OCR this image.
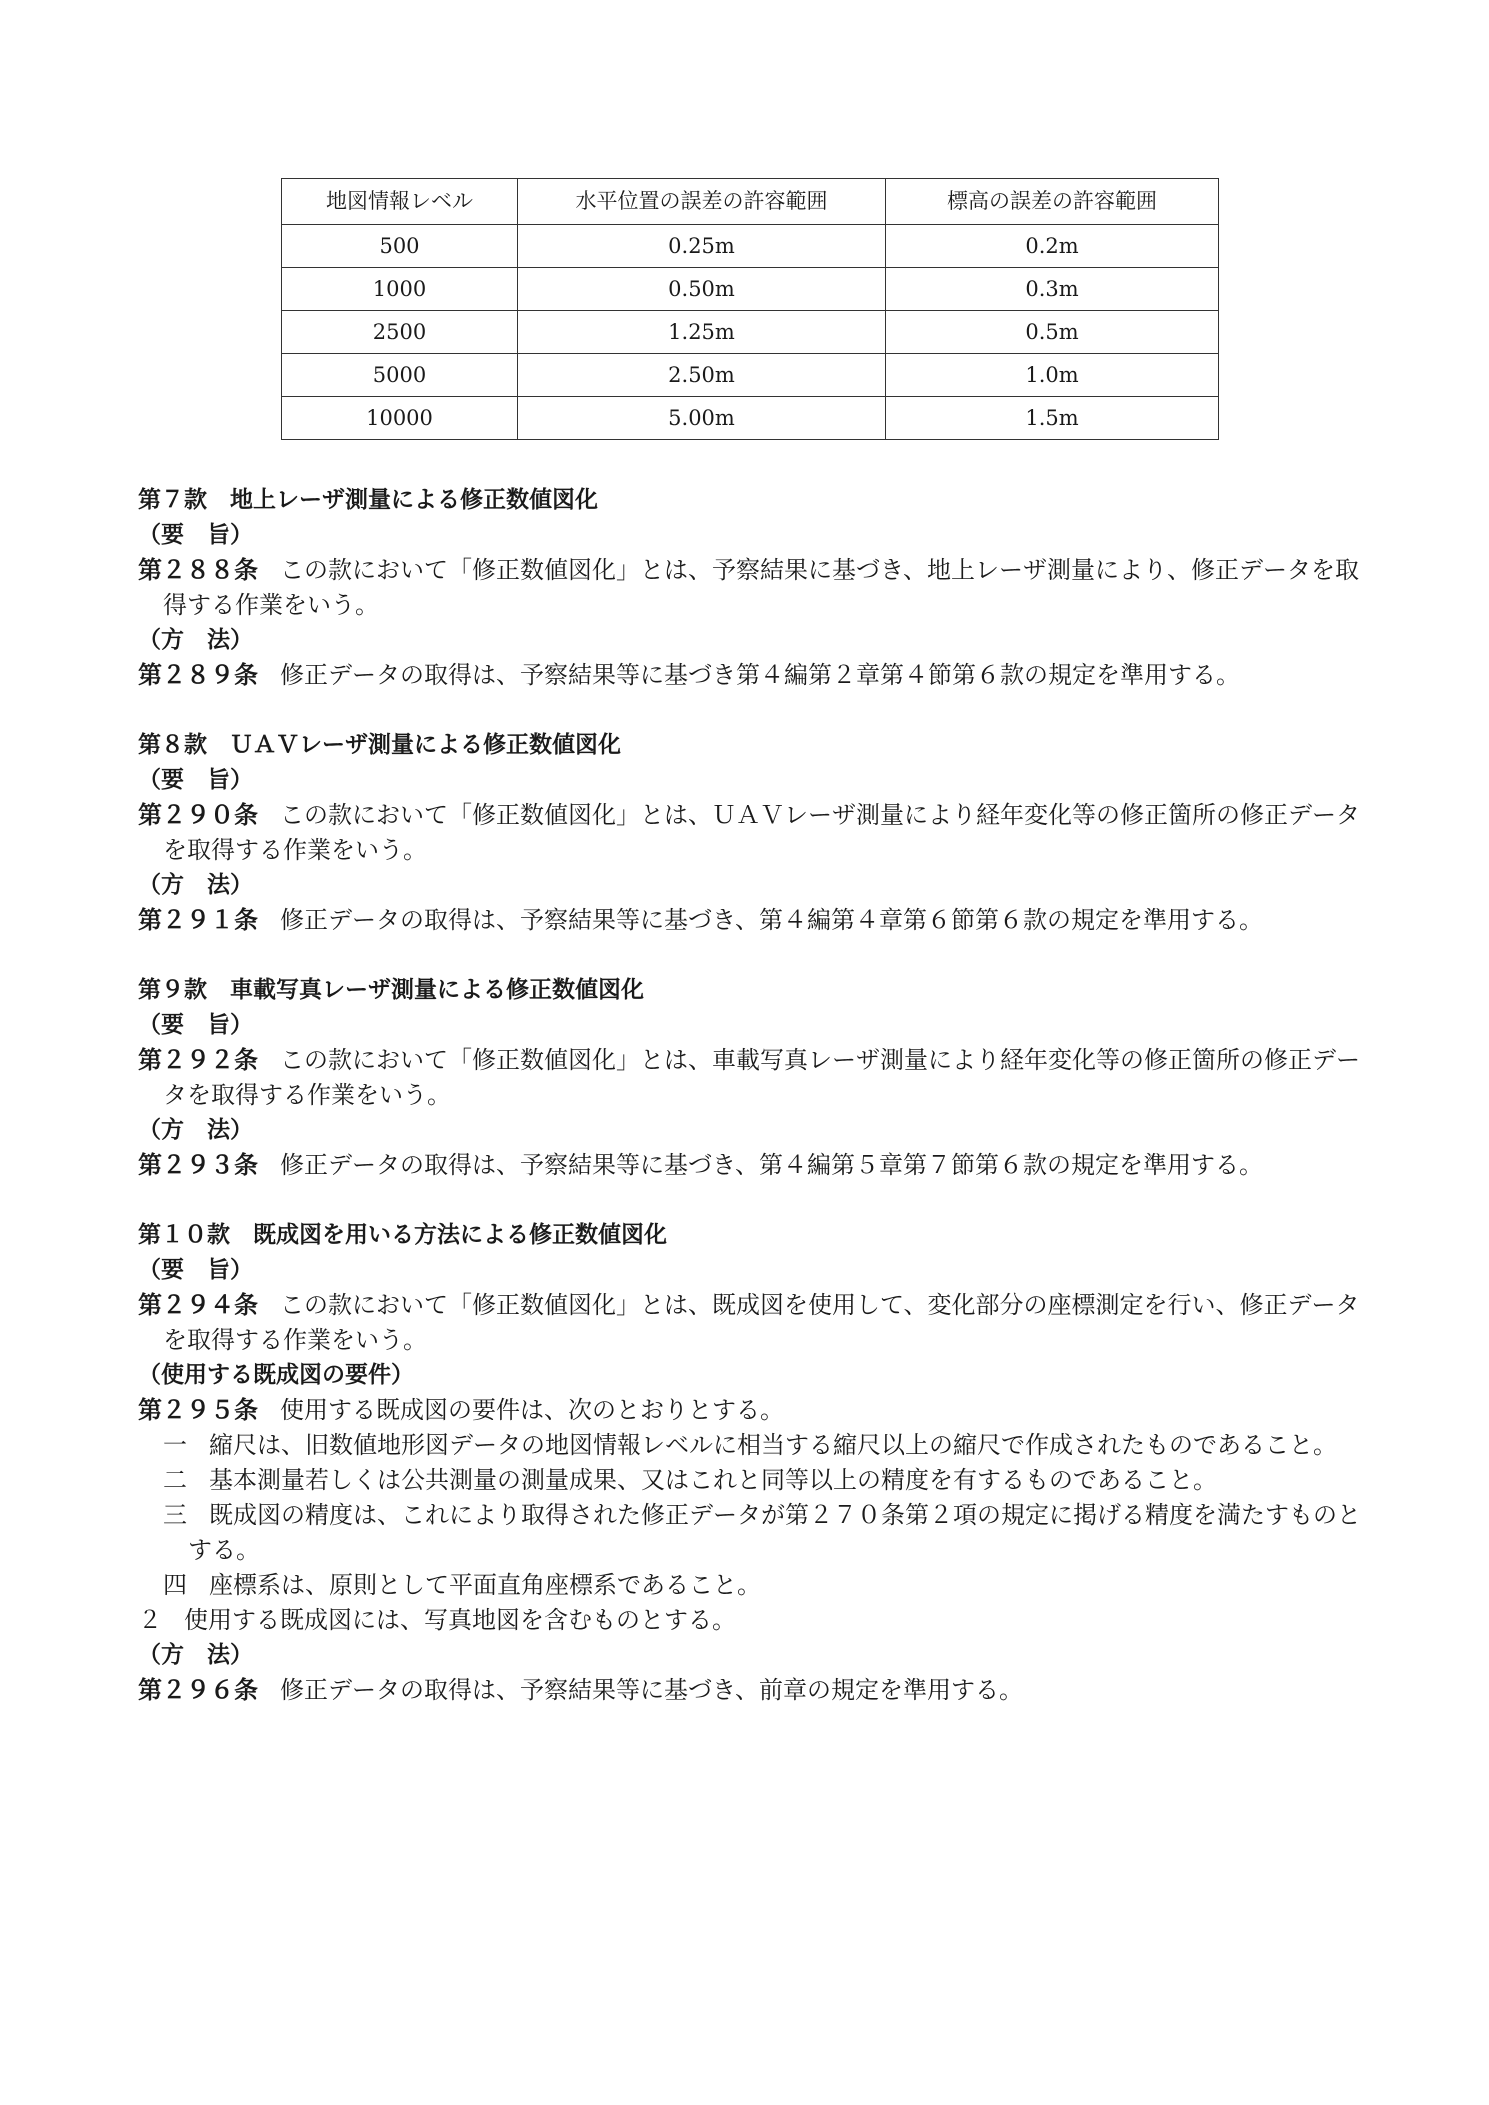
地図情報レベル	水平位置の誤差の許容範囲	標高の誤差の許容範囲
500	0.25m	0.2m
1000	0.50m	0.3m
2500	1.25m	0.5m
5000	2.50m	1.0m
10000	5.00m	1.5m

第７款　地上レーザ測量による修正数値図化

（要　旨）

第２８８条 この款において「修正数値図化」とは、予察結果に基づき、地上レーザ測量により、修正データを取得する作業をいう。

（方　法）

第２８９条 修正データの取得は、予察結果等に基づき第４編第２章第４節第６款の規定を準用する。

第８款　ＵＡＶレーザ測量による修正数値図化

（要　旨）

第２９０条 この款において「修正数値図化」とは、ＵＡＶレーザ測量により経年変化等の修正箇所の修正データを取得する作業をいう。

（方　法）

第２９１条 修正データの取得は、予察結果等に基づき、第４編第４章第６節第６款の規定を準用する。

第９款　車載写真レーザ測量による修正数値図化

（要　旨）

第２９２条 この款において「修正数値図化」とは、車載写真レーザ測量により経年変化等の修正箇所の修正データを取得する作業をいう。

（方　法）

第２９３条 修正データの取得は、予察結果等に基づき、第４編第５章第７節第６款の規定を準用する。

第１０款　既成図を用いる方法による修正数値図化

（要　旨）

第２９４条 この款において「修正数値図化」とは、既成図を使用して、変化部分の座標測定を行い、修正データを取得する作業をいう。

（使用する既成図の要件）

第２９５条 使用する既成図の要件は、次のとおりとする。

一 縮尺は、旧数値地形図データの地図情報レベルに相当する縮尺以上の縮尺で作成されたものであること。

二 基本測量若しくは公共測量の測量成果、又はこれと同等以上の精度を有するものであること。

三 既成図の精度は、これにより取得された修正データが第２７０条第２項の規定に掲げる精度を満たすものとする。

四 座標系は、原則として平面直角座標系であること。

２ 使用する既成図には、写真地図を含むものとする。

（方　法）

第２９６条 修正データの取得は、予察結果等に基づき、前章の規定を準用する。
